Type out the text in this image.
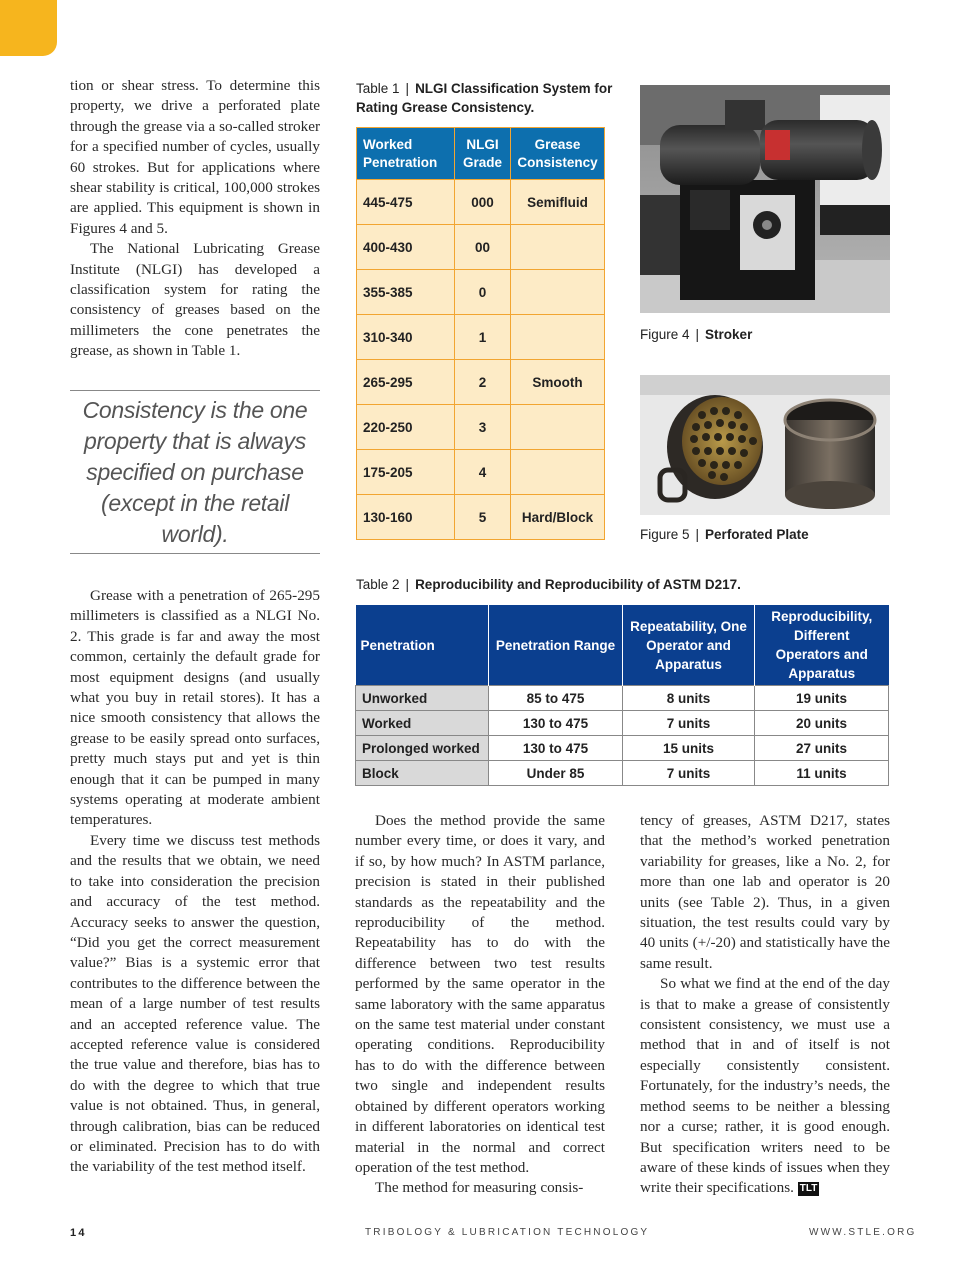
tion or shear stress. To determine this property, we drive a perforated plate through the grease via a so-called stroker for a specified number of cycles, usually 60 strokes. But for applications where shear stability is critical, 100,000 strokes are applied. This equipment is shown in Figures 4 and 5.

The National Lubricating Grease Institute (NLGI) has developed a classification system for rating the consistency of greases based on the millimeters the cone penetrates the grease, as shown in Table 1.

Consistency is the one property that is always specified on purchase (except in the retail world).

Grease with a penetration of 265-295 millimeters is classified as a NLGI No. 2. This grade is far and away the most common, certainly the default grade for most equipment designs (and usually what you buy in retail stores). It has a nice smooth consistency that allows the grease to be easily spread onto surfaces, pretty much stays put and yet is thin enough that it can be pumped in many systems operating at moderate ambient temperatures.

Every time we discuss test methods and the results that we obtain, we need to take into consideration the precision and accuracy of the test method. Accuracy seeks to answer the question, “Did you get the correct measurement value?” Bias is a systemic error that contributes to the difference between the mean of a large number of test results and an accepted reference value. The accepted reference value is considered the true value and therefore, bias has to do with the degree to which that true value is not obtained. Thus, in general, through calibration, bias can be reduced or eliminated. Precision has to do with the variability of the test method itself.

Table 1 | NLGI Classification System for Rating Grease Consistency.
Worked Penetration	NLGI Grade	Grease Consistency
445-475	000	Semifluid
400-430	00	
355-385	0	
310-340	1	
265-295	2	Smooth
220-250	3	
175-205	4	
130-160	5	Hard/Block
Figure 4 | Stroker
Figure 5 | Perforated Plate
Table 2 | Reproducibility and Reproducibility of ASTM D217.
Penetration	Penetration Range	Repeatability, One Operator and Apparatus	Reproducibility, Different Operators and Apparatus
Unworked	85 to 475	8 units	19 units
Worked	130 to 475	7 units	20 units
Prolonged worked	130 to 475	15 units	27 units
Block	Under 85	7 units	11 units

Does the method provide the same number every time, or does it vary, and if so, by how much? In ASTM parlance, precision is stated in their published standards as the repeatability and the reproducibility of the method. Repeatability has to do with the difference between two test results performed by the same operator in the same laboratory with the same apparatus on the same test material under constant operating conditions. Reproducibility has to do with the difference between two single and independent results obtained by different operators working in different laboratories on identical test material in the normal and correct operation of the test method.

The method for measuring consis-

tency of greases, ASTM D217, states that the method’s worked penetration variability for greases, like a No. 2, for more than one lab and operator is 20 units (see Table 2). Thus, in a given situation, the test results could vary by 40 units (+/-20) and statistically have the same result.

So what we find at the end of the day is that to make a grease of consistently consistent consistency, we must use a method that in and of itself is not especially consistently consistent. Fortunately, for the industry’s needs, the method seems to be neither a blessing nor a curse; rather, it is good enough. But specification writers need to be aware of these kinds of issues when they write their specifications. TLT

14	TRIBOLOGY & LUBRICATION TECHNOLOGY	WWW.STLE.ORG
